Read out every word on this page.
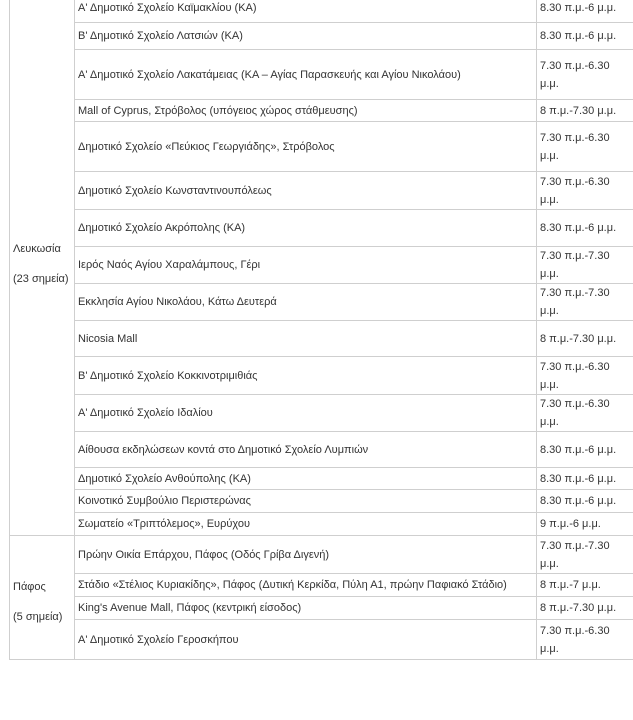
Λευκωσία
(23 σημεία)	Α' Δημοτικό Σχολείο Καϊμακλίου (ΚΑ)	8.30 π.μ.-6 μ.μ.
	Β' Δημοτικό Σχολείο Λατσιών (ΚΑ)	8.30 π.μ.-6 μ.μ.
	Α' Δημοτικό Σχολείο Λακατάμειας (ΚΑ – Αγίας Παρασκευής και Αγίου Νικολάου)	7.30 π.μ.-6.30 μ.μ.
	Mall of Cyprus, Στρόβολος (υπόγειος χώρος στάθμευσης)	8 π.μ.-7.30 μ.μ.
	Δημοτικό Σχολείο «Πεύκιος Γεωργιάδης», Στρόβολος	7.30 π.μ.-6.30 μ.μ.
	Δημοτικό Σχολείο Κωνσταντινουπόλεως	7.30 π.μ.-6.30 μ.μ.
	Δημοτικό Σχολείο Ακρόπολης (ΚΑ)	8.30 π.μ.-6 μ.μ.
	Ιερός Ναός Αγίου Χαραλάμπους, Γέρι	7.30 π.μ.-7.30 μ.μ.
	Εκκλησία Αγίου Νικολάου, Κάτω Δευτερά	7.30 π.μ.-7.30 μ.μ.
	Nicosia Mall	8 π.μ.-7.30 μ.μ.
	Β' Δημοτικό Σχολείο Κοκκινοτριμιθιάς	7.30 π.μ.-6.30 μ.μ.
	Α' Δημοτικό Σχολείο Ιδαλίου	7.30 π.μ.-6.30 μ.μ.
	Αίθουσα εκδηλώσεων κοντά στο Δημοτικό Σχολείο Λυμπιών	8.30 π.μ.-6 μ.μ.
	Δημοτικό Σχολείο Ανθούπολης (ΚΑ)	8.30 π.μ.-6 μ.μ.
	Κοινοτικό Συμβούλιο Περιστερώνας	8.30 π.μ.-6 μ.μ.
	Σωματείο «Τριπτόλεμος», Ευρύχου	9 π.μ.-6 μ.μ.

Πάφος
(5 σημεία)	Πρώην Οικία Επάρχου, Πάφος (Οδός Γρίβα Διγενή)	7.30 π.μ.-7.30 μ.μ.
	Στάδιο «Στέλιος Κυριακίδης», Πάφος (Δυτική Κερκίδα, Πύλη Α1, πρώην Παφιακό Στάδιο)	8 π.μ.-7 μ.μ.
	King's Avenue Mall, Πάφος (κεντρική είσοδος)	8 π.μ.-7.30 μ.μ.
	Α' Δημοτικό Σχολείο Γεροσκήπου	7.30 π.μ.-6.30 μ.μ.
